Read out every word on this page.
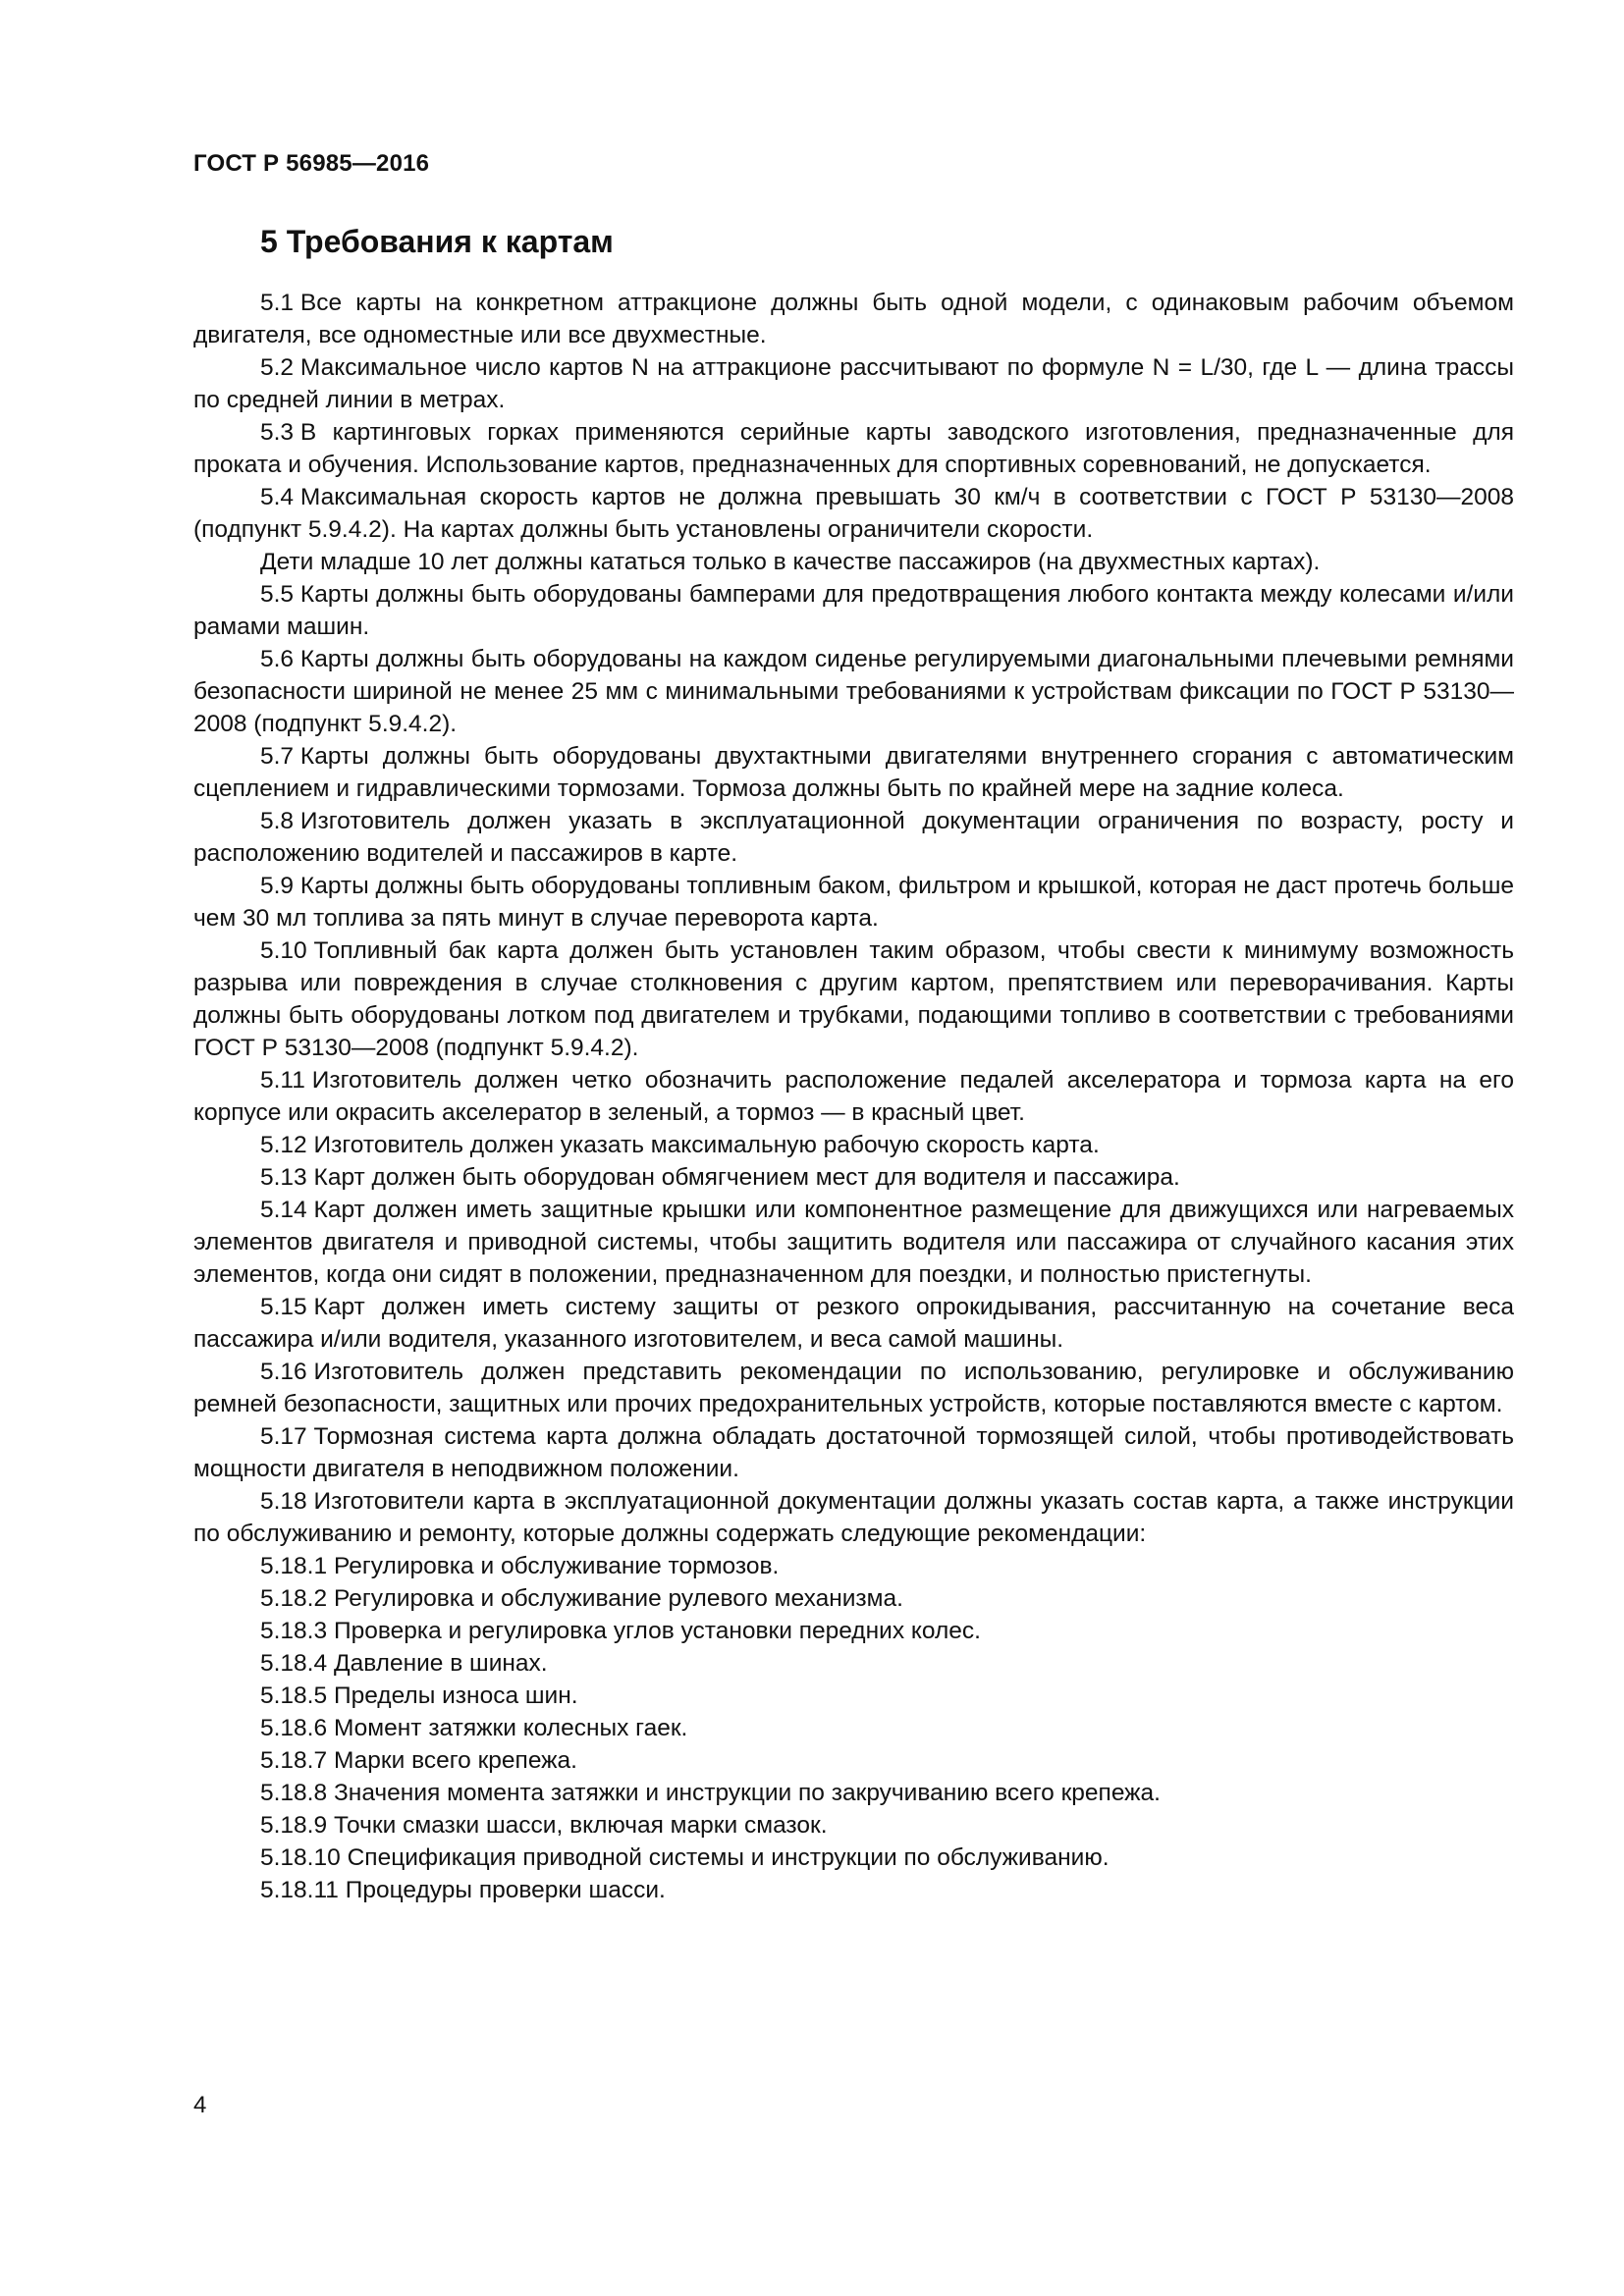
ГОСТ Р 56985—2016
5 Требования к картам

5.1 Все карты на конкретном аттракционе должны быть одной модели, с одинаковым рабочим объемом двигателя, все одноместные или все двухместные.

5.2 Максимальное число картов N на аттракционе рассчитывают по формуле N = L/30, где L — длина трассы по средней линии в метрах.

5.3 В картинговых горках применяются серийные карты заводского изготовления, предназначенные для проката и обучения. Использование картов, предназначенных для спортивных соревнований, не допускается.

5.4 Максимальная скорость картов не должна превышать 30 км/ч в соответствии с ГОСТ Р 53130—2008 (подпункт 5.9.4.2). На картах должны быть установлены ограничители скорости.

Дети младше 10 лет должны кататься только в качестве пассажиров (на двухместных картах).

5.5 Карты должны быть оборудованы бамперами для предотвращения любого контакта между колесами и/или рамами машин.

5.6 Карты должны быть оборудованы на каждом сиденье регулируемыми диагональными плечевыми ремнями безопасности шириной не менее 25 мм с минимальными требованиями к устройствам фиксации по ГОСТ Р 53130—2008 (подпункт 5.9.4.2).

5.7 Карты должны быть оборудованы двухтактными двигателями внутреннего сгорания с автоматическим сцеплением и гидравлическими тормозами. Тормоза должны быть по крайней мере на задние колеса.

5.8 Изготовитель должен указать в эксплуатационной документации ограничения по возрасту, росту и расположению водителей и пассажиров в карте.

5.9 Карты должны быть оборудованы топливным баком, фильтром и крышкой, которая не даст протечь больше чем 30 мл топлива за пять минут в случае переворота карта.

5.10 Топливный бак карта должен быть установлен таким образом, чтобы свести к минимуму возможность разрыва или повреждения в случае столкновения с другим картом, препятствием или переворачивания. Карты должны быть оборудованы лотком под двигателем и трубками, подающими топливо в соответствии с требованиями ГОСТ Р 53130—2008 (подпункт 5.9.4.2).

5.11 Изготовитель должен четко обозначить расположение педалей акселератора и тормоза карта на его корпусе или окрасить акселератор в зеленый, а тормоз — в красный цвет.

5.12 Изготовитель должен указать максимальную рабочую скорость карта.

5.13 Карт должен быть оборудован обмягчением мест для водителя и пассажира.

5.14 Карт должен иметь защитные крышки или компонентное размещение для движущихся или нагреваемых элементов двигателя и приводной системы, чтобы защитить водителя или пассажира от случайного касания этих элементов, когда они сидят в положении, предназначенном для поездки, и полностью пристегнуты.

5.15 Карт должен иметь систему защиты от резкого опрокидывания, рассчитанную на сочетание веса пассажира и/или водителя, указанного изготовителем, и веса самой машины.

5.16 Изготовитель должен представить рекомендации по использованию, регулировке и обслуживанию ремней безопасности, защитных или прочих предохранительных устройств, которые поставляются вместе с картом.

5.17 Тормозная система карта должна обладать достаточной тормозящей силой, чтобы противодействовать мощности двигателя в неподвижном положении.

5.18 Изготовители карта в эксплуатационной документации должны указать состав карта, а также инструкции по обслуживанию и ремонту, которые должны содержать следующие рекомендации:

5.18.1 Регулировка и обслуживание тормозов.

5.18.2 Регулировка и обслуживание рулевого механизма.

5.18.3 Проверка и регулировка углов установки передних колес.

5.18.4 Давление в шинах.

5.18.5 Пределы износа шин.

5.18.6 Момент затяжки колесных гаек.

5.18.7 Марки всего крепежа.

5.18.8 Значения момента затяжки и инструкции по закручиванию всего крепежа.

5.18.9 Точки смазки шасси, включая марки смазок.

5.18.10 Спецификация приводной системы и инструкции по обслуживанию.

5.18.11 Процедуры проверки шасси.

4
